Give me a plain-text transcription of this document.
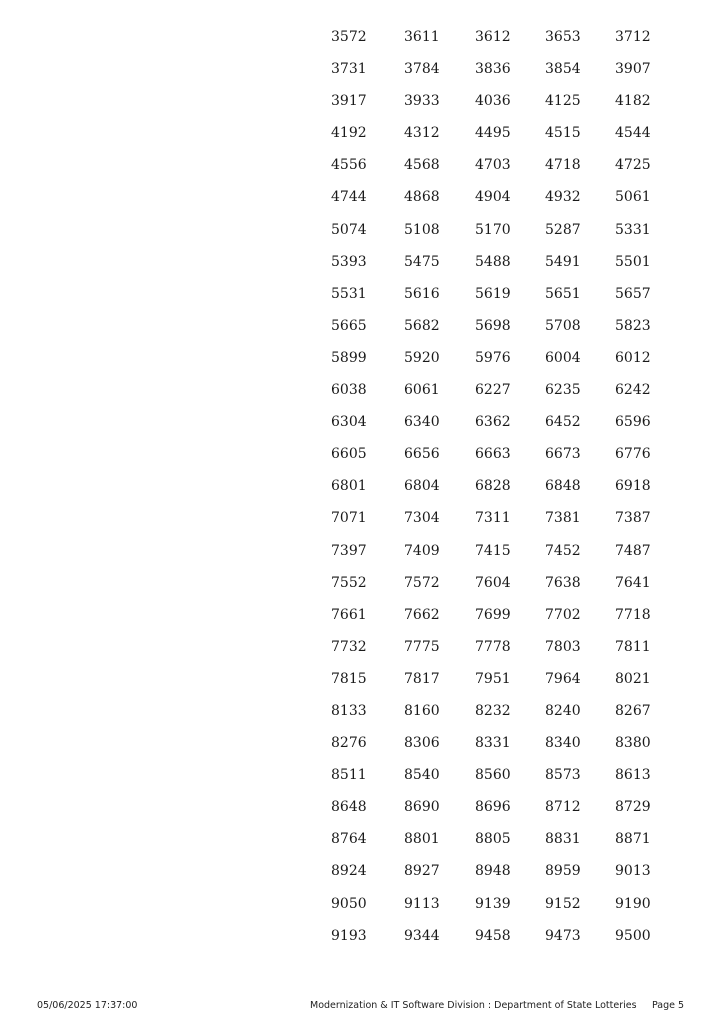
3572	3611	3612 3653 3712
3731	3784	3836 3854 3907
3917	3933	4036 4125 4182
4192	4312	4495 4515 4544
4556	4568	4703 4718 4725
4744	4868	4904 4932 5061
5074	5108	5170 5287 5331
5393	5475	5488 5491 5501
5531	5616	5619 5651 5657
5665	5682	5698 5708 5823
5899	5920	5976 6004 6012
6038	6061	6227 6235 6242
6304	6340	6362 6452 6596
6605	6656	6663 6673 6776
6801	6804	6828 6848 6918
7071	7304	7311 7381 7387
7397	7409	7415 7452 7487
7552	7572	7604 7638 7641
7661	7662	7699 7702 7718
7732	7775	7778 7803 7811
7815	7817	7951 7964 8021
8133	8160	8232 8240 8267
8276	8306	8331 8340 8380
8511	8540	8560 8573 8613
8648	8690	8696 8712 8729
8764	8801	8805 8831 8871
8924	8927	8948 8959 9013
9050	9113	9139 9152 9190
9193	9344	9458 9473 9500
05/06/2025 17:37:00	Modernization & IT Software Division : Department of State Lotteries Page 5
